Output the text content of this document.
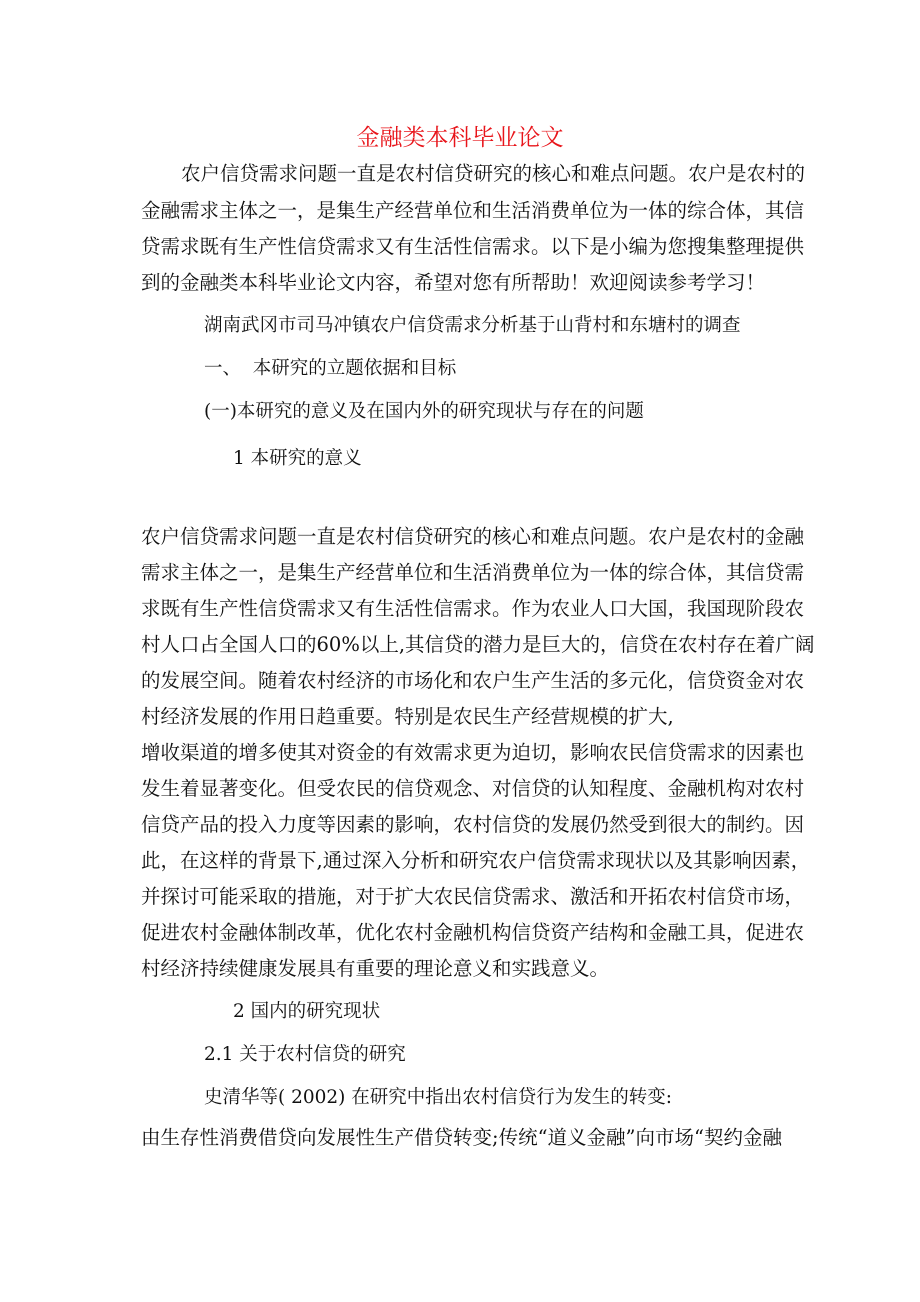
金融类本科毕业论文
农户信贷需求问题一直是农村信贷研究的核心和难点问题。农户是农村的
金融需求主体之一，是集生产经营单位和生活消费单位为一体的综合体，其信
贷需求既有生产性信贷需求又有生活性信需求。以下是小编为您搜集整理提供
到的金融类本科毕业论文内容，希望对您有所帮助！欢迎阅读参考学习！
湖南武冈市司马冲镇农户信贷需求分析基于山背村和东塘村的调查
一、  本研究的立题依据和目标
(一)本研究的意义及在国内外的研究现状与存在的问题
1 本研究的意义
农户信贷需求问题一直是农村信贷研究的核心和难点问题。农户是农村的金融
需求主体之一，是集生产经营单位和生活消费单位为一体的综合体，其信贷需
求既有生产性信贷需求又有生活性信需求。作为农业人口大国，我国现阶段农
村人口占全国人口的60%以上,其信贷的潜力是巨大的，信贷在农村存在着广阔
的发展空间。随着农村经济的市场化和农户生产生活的多元化，信贷资金对农
村经济发展的作用日趋重要。特别是农民生产经营规模的扩大,
增收渠道的增多使其对资金的有效需求更为迫切，影响农民信贷需求的因素也
发生着显著变化。但受农民的信贷观念、对信贷的认知程度、金融机构对农村
信贷产品的投入力度等因素的影响，农村信贷的发展仍然受到很大的制约。因
此，在这样的背景下,通过深入分析和研究农户信贷需求现状以及其影响因素，
并探讨可能采取的措施，对于扩大农民信贷需求、激活和开拓农村信贷市场，
促进农村金融体制改革，优化农村金融机构信贷资产结构和金融工具，促进农
村经济持续健康发展具有重要的理论意义和实践意义。
2 国内的研究现状
2.1 关于农村信贷的研究
史清华等( 2002) 在研究中指出农村信贷行为发生的转变:
由生存性消费借贷向发展性生产借贷转变;传统“道义金融”向市场“契约金融
